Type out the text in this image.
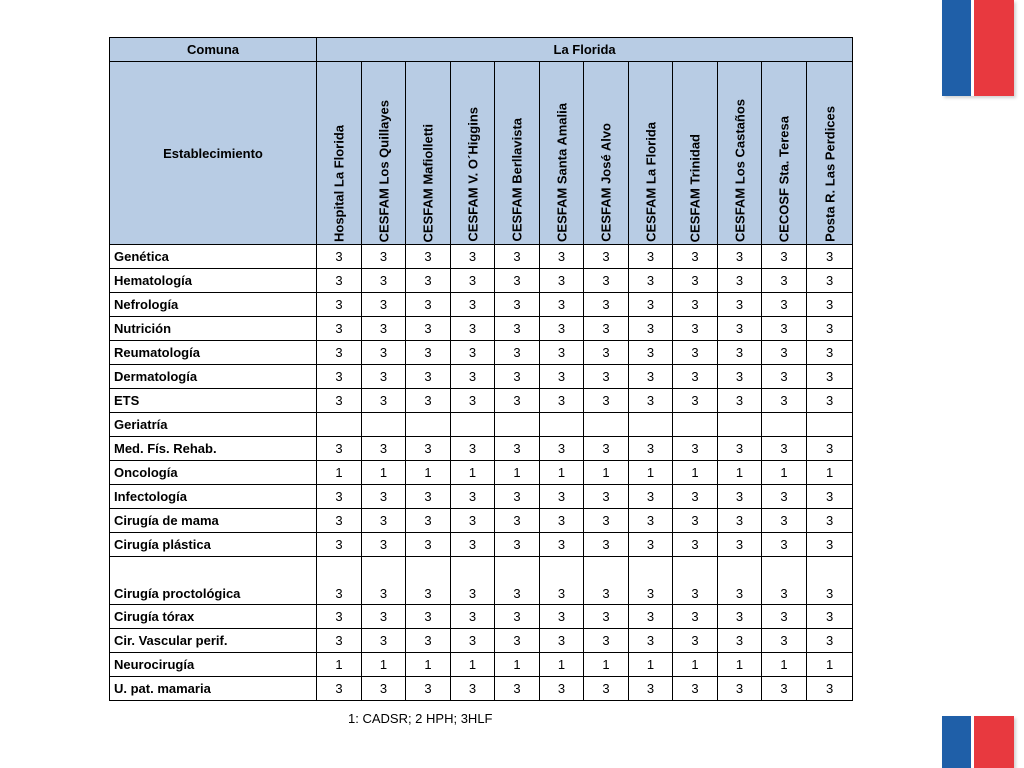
Comuna	La Florida											
Establecimiento	Hospital La Florida	CESFAM Los Quillayes	CESFAM Mafiolletti	CESFAM V. O´Higgins	CESFAM Berllavista	CESFAM Santa Amalia	CESFAM José Alvo	CESFAM La Florida	CESFAM Trinidad	CESFAM Los Castaños	CECOSF Sta. Teresa	Posta R. Las Perdices

Genética	3	3	3	3	3	3	3	3	3	3	3	3
Hematología	3	3	3	3	3	3	3	3	3	3	3	3
Nefrología	3	3	3	3	3	3	3	3	3	3	3	3
Nutrición	3	3	3	3	3	3	3	3	3	3	3	3
Reumatología	3	3	3	3	3	3	3	3	3	3	3	3
Dermatología	3	3	3	3	3	3	3	3	3	3	3	3
ETS	3	3	3	3	3	3	3	3	3	3	3	3
Geriatría												
Med. Fís. Rehab.	3	3	3	3	3	3	3	3	3	3	3	3
Oncología	1	1	1	1	1	1	1	1	1	1	1	1
Infectología	3	3	3	3	3	3	3	3	3	3	3	3
Cirugía de mama	3	3	3	3	3	3	3	3	3	3	3	3
Cirugía plástica	3	3	3	3	3	3	3	3	3	3	3	3
Cirugía proctológica	3	3	3	3	3	3	3	3	3	3	3	3
Cirugía tórax	3	3	3	3	3	3	3	3	3	3	3	3
Cir. Vascular perif.	3	3	3	3	3	3	3	3	3	3	3	3
Neurocirugía	1	1	1	1	1	1	1	1	1	1	1	1
U. pat. mamaria	3	3	3	3	3	3	3	3	3	3	3	3
1: CADSR; 2 HPH; 3HLF
